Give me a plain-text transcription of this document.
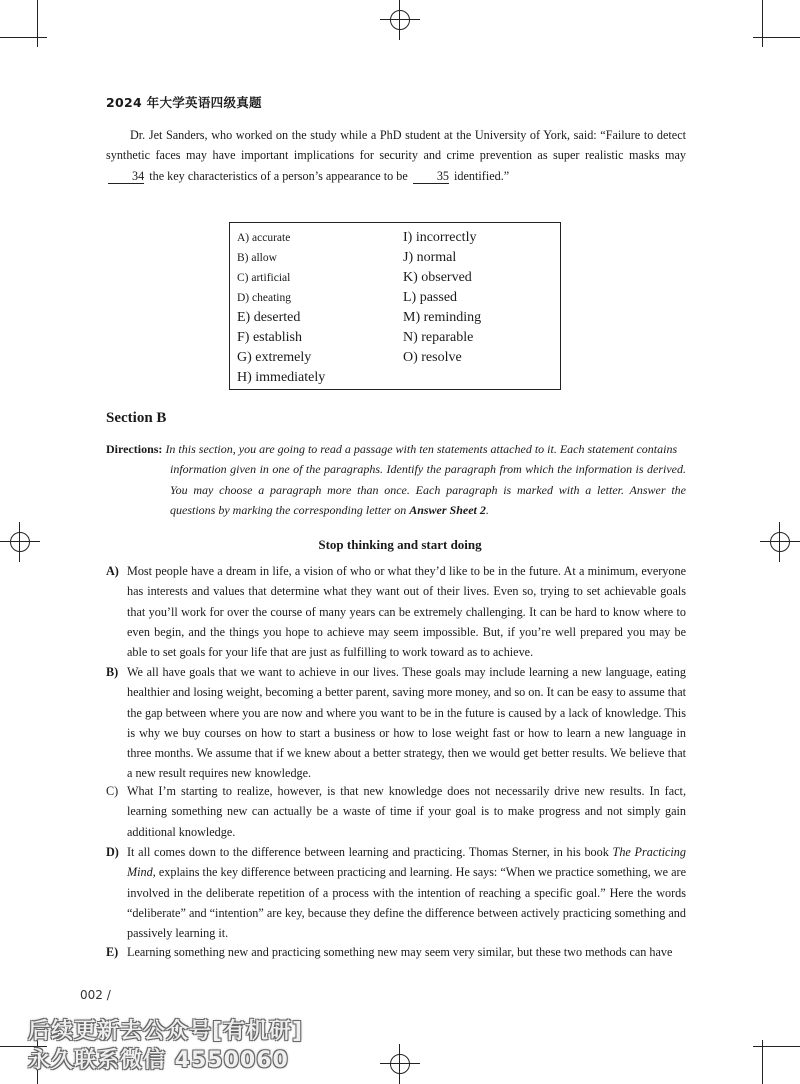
2024 年大学英语四级真题
Dr. Jet Sanders, who worked on the study while a PhD student at the University of York, said: “Failure to detect synthetic faces may have important implications for security and crime prevention as super realistic masks may 34 the key characteristics of a person’s appearance to be 35 identified.”
A) accurate
B) allow
C) artificial
D) cheating
E) deserted
F) establish
G) extremely
H) immediately
I) incorrectly
J) normal
K) observed
L) passed
M) reminding
N) reparable
O) resolve
Section B
Directions: In this section, you are going to read a passage with ten statements attached to it. Each statement contains
information given in one of the paragraphs. Identify the paragraph from which the information is derived. You may choose a paragraph more than once. Each paragraph is marked with a letter. Answer the questions by marking the corresponding letter on Answer Sheet 2.
Stop thinking and start doing
A) Most people have a dream in life, a vision of who or what they’d like to be in the future. At a minimum, everyone has interests and values that determine what they want out of their lives. Even so, trying to set achievable goals that you’ll work for over the course of many years can be extremely challenging. It can be hard to know where to even begin, and the things you hope to achieve may seem impossible. But, if you’re well prepared you may be able to set goals for your life that are just as fulfilling to work toward as to achieve.
B) We all have goals that we want to achieve in our lives. These goals may include learning a new language, eating healthier and losing weight, becoming a better parent, saving more money, and so on. It can be easy to assume that the gap between where you are now and where you want to be in the future is caused by a lack of knowledge. This is why we buy courses on how to start a business or how to lose weight fast or how to learn a new language in three months. We assume that if we knew about a better strategy, then we would get better results. We believe that a new result requires new knowledge.
C) What I’m starting to realize, however, is that new knowledge does not necessarily drive new results. In fact, learning something new can actually be a waste of time if your goal is to make progress and not simply gain additional knowledge.
D) It all comes down to the difference between learning and practicing. Thomas Sterner, in his book The Practicing Mind, explains the key difference between practicing and learning. He says: “When we practice something, we are involved in the deliberate repetition of a process with the intention of reaching a specific goal.” Here the words “deliberate” and “intention” are key, because they define the difference between actively practicing something and passively learning it.
E) Learning something new and practicing something new may seem very similar, but these two methods can have
002 /
后续更新去公众号[有机研]
永久联系微信 4550060
